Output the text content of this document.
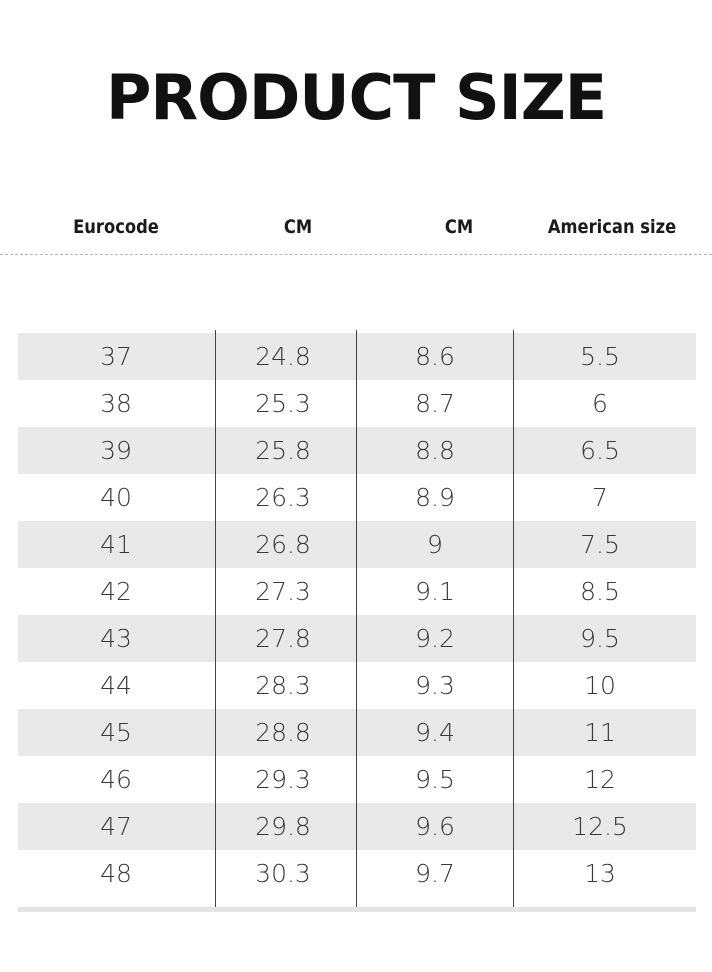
PRODUCT SIZE
Eurocode	CM	CM	American size
37	24.8	8.6	5.5
38	25.3	8.7	6
39	25.8	8.8	6.5
40	26.3	8.9	7
41	26.8	9	7.5
42	27.3	9.1	8.5
43	27.8	9.2	9.5
44	28.3	9.3	10
45	28.8	9.4	11
46	29.3	9.5	12
47	29.8	9.6	12.5
48	30.3	9.7	13
